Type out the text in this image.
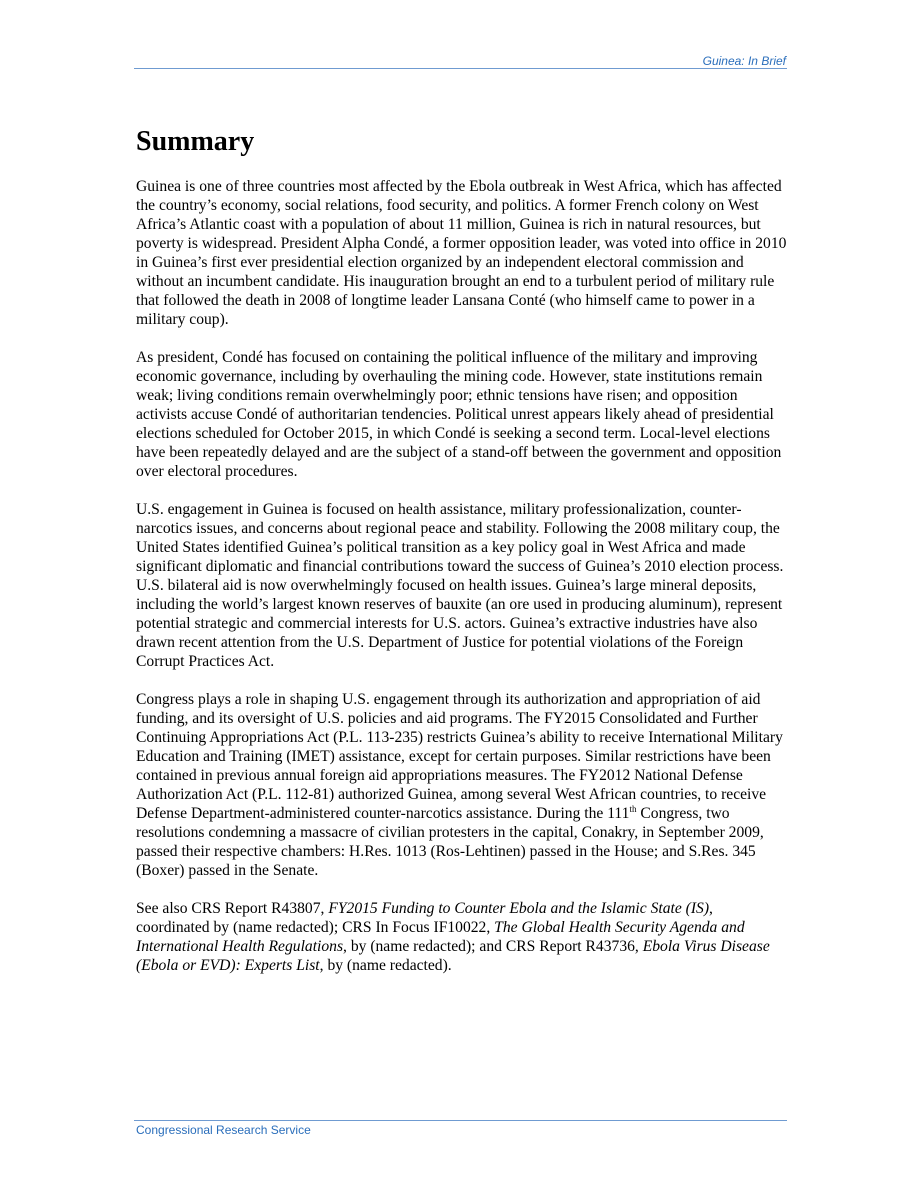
Guinea: In Brief
Summary

Guinea is one of three countries most affected by the Ebola outbreak in West Africa, which has affected the country’s economy, social relations, food security, and politics. A former French colony on West Africa’s Atlantic coast with a population of about 11 million, Guinea is rich in natural resources, but poverty is widespread. President Alpha Condé, a former opposition leader, was voted into office in 2010 in Guinea’s first ever presidential election organized by an independent electoral commission and without an incumbent candidate. His inauguration brought an end to a turbulent period of military rule that followed the death in 2008 of longtime leader Lansana Conté (who himself came to power in a military coup).

As president, Condé has focused on containing the political influence of the military and improving economic governance, including by overhauling the mining code. However, state institutions remain weak; living conditions remain overwhelmingly poor; ethnic tensions have risen; and opposition activists accuse Condé of authoritarian tendencies. Political unrest appears likely ahead of presidential elections scheduled for October 2015, in which Condé is seeking a second term. Local-level elections have been repeatedly delayed and are the subject of a stand-off between the government and opposition over electoral procedures.

U.S. engagement in Guinea is focused on health assistance, military professionalization, counter-narcotics issues, and concerns about regional peace and stability. Following the 2008 military coup, the United States identified Guinea’s political transition as a key policy goal in West Africa and made significant diplomatic and financial contributions toward the success of Guinea’s 2010 election process. U.S. bilateral aid is now overwhelmingly focused on health issues. Guinea’s large mineral deposits, including the world’s largest known reserves of bauxite (an ore used in producing aluminum), represent potential strategic and commercial interests for U.S. actors. Guinea’s extractive industries have also drawn recent attention from the U.S. Department of Justice for potential violations of the Foreign Corrupt Practices Act.

Congress plays a role in shaping U.S. engagement through its authorization and appropriation of aid funding, and its oversight of U.S. policies and aid programs. The FY2015 Consolidated and Further Continuing Appropriations Act (P.L. 113-235) restricts Guinea’s ability to receive International Military Education and Training (IMET) assistance, except for certain purposes. Similar restrictions have been contained in previous annual foreign aid appropriations measures. The FY2012 National Defense Authorization Act (P.L. 112-81) authorized Guinea, among several West African countries, to receive Defense Department-administered counter-narcotics assistance. During the 111th Congress, two resolutions condemning a massacre of civilian protesters in the capital, Conakry, in September 2009, passed their respective chambers: H.Res. 1013 (Ros-Lehtinen) passed in the House; and S.Res. 345 (Boxer) passed in the Senate.

See also CRS Report R43807, FY2015 Funding to Counter Ebola and the Islamic State (IS), coordinated by (name redacted); CRS In Focus IF10022, The Global Health Security Agenda and International Health Regulations, by (name redacted); and CRS Report R43736, Ebola Virus Disease (Ebola or EVD): Experts List, by (name redacted).

Congressional Research Service
